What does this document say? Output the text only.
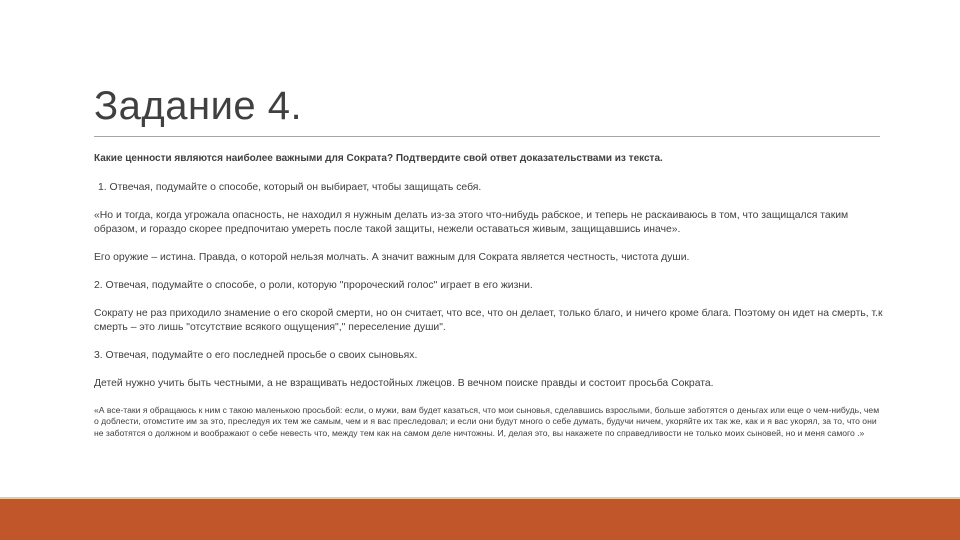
Задание 4.

Какие ценности являются наиболее важными для Сократа? Подтвердите свой ответ доказательствами из текста.

1. Отвечая, подумайте о способе, который он выбирает, чтобы защищать себя.

«Но и тогда, когда угрожала опасность, не находил я нужным делать из-за этого что-нибудь рабское, и теперь не раскаиваюсь в том, что защищался таким образом, и гораздо скорее предпочитаю умереть после такой защиты, нежели оставаться живым, защищавшись иначе».

Его оружие – истина. Правда, о которой нельзя молчать. А значит важным для Сократа является честность, чистота души.

2. Отвечая, подумайте о способе, о роли, которую "пророческий голос" играет в его жизни.

Сократу не раз приходило знамение о его скорой смерти, но он считает, что все, что он делает, только благо, и ничего кроме блага. Поэтому он идет на смерть, т.к смерть – это лишь "отсутствие всякого ощущения"," переселение души".

3. Отвечая, подумайте о его последней просьбе о своих сыновьях.

Детей нужно учить быть честными, а не взращивать недостойных лжецов. В вечном поиске правды и состоит просьба Сократа.

«А все-таки я обращаюсь к ним с такою маленькою просьбой: если, о мужи, вам будет казаться, что мои сыновья, сделавшись взрослыми, больше заботятся о деньгах или еще о чем-нибудь, чем о доблести, отомстите им за это, преследуя их тем же самым, чем и я вас преследовал; и если они будут много о себе думать, будучи ничем, укоряйте их так же, как и я вас укорял, за то, что они не заботятся о должном и воображают о себе невесть что, между тем как на самом деле ничтожны. И, делая это, вы накажете по справедливости не только моих сыновей, но и меня самого .»
